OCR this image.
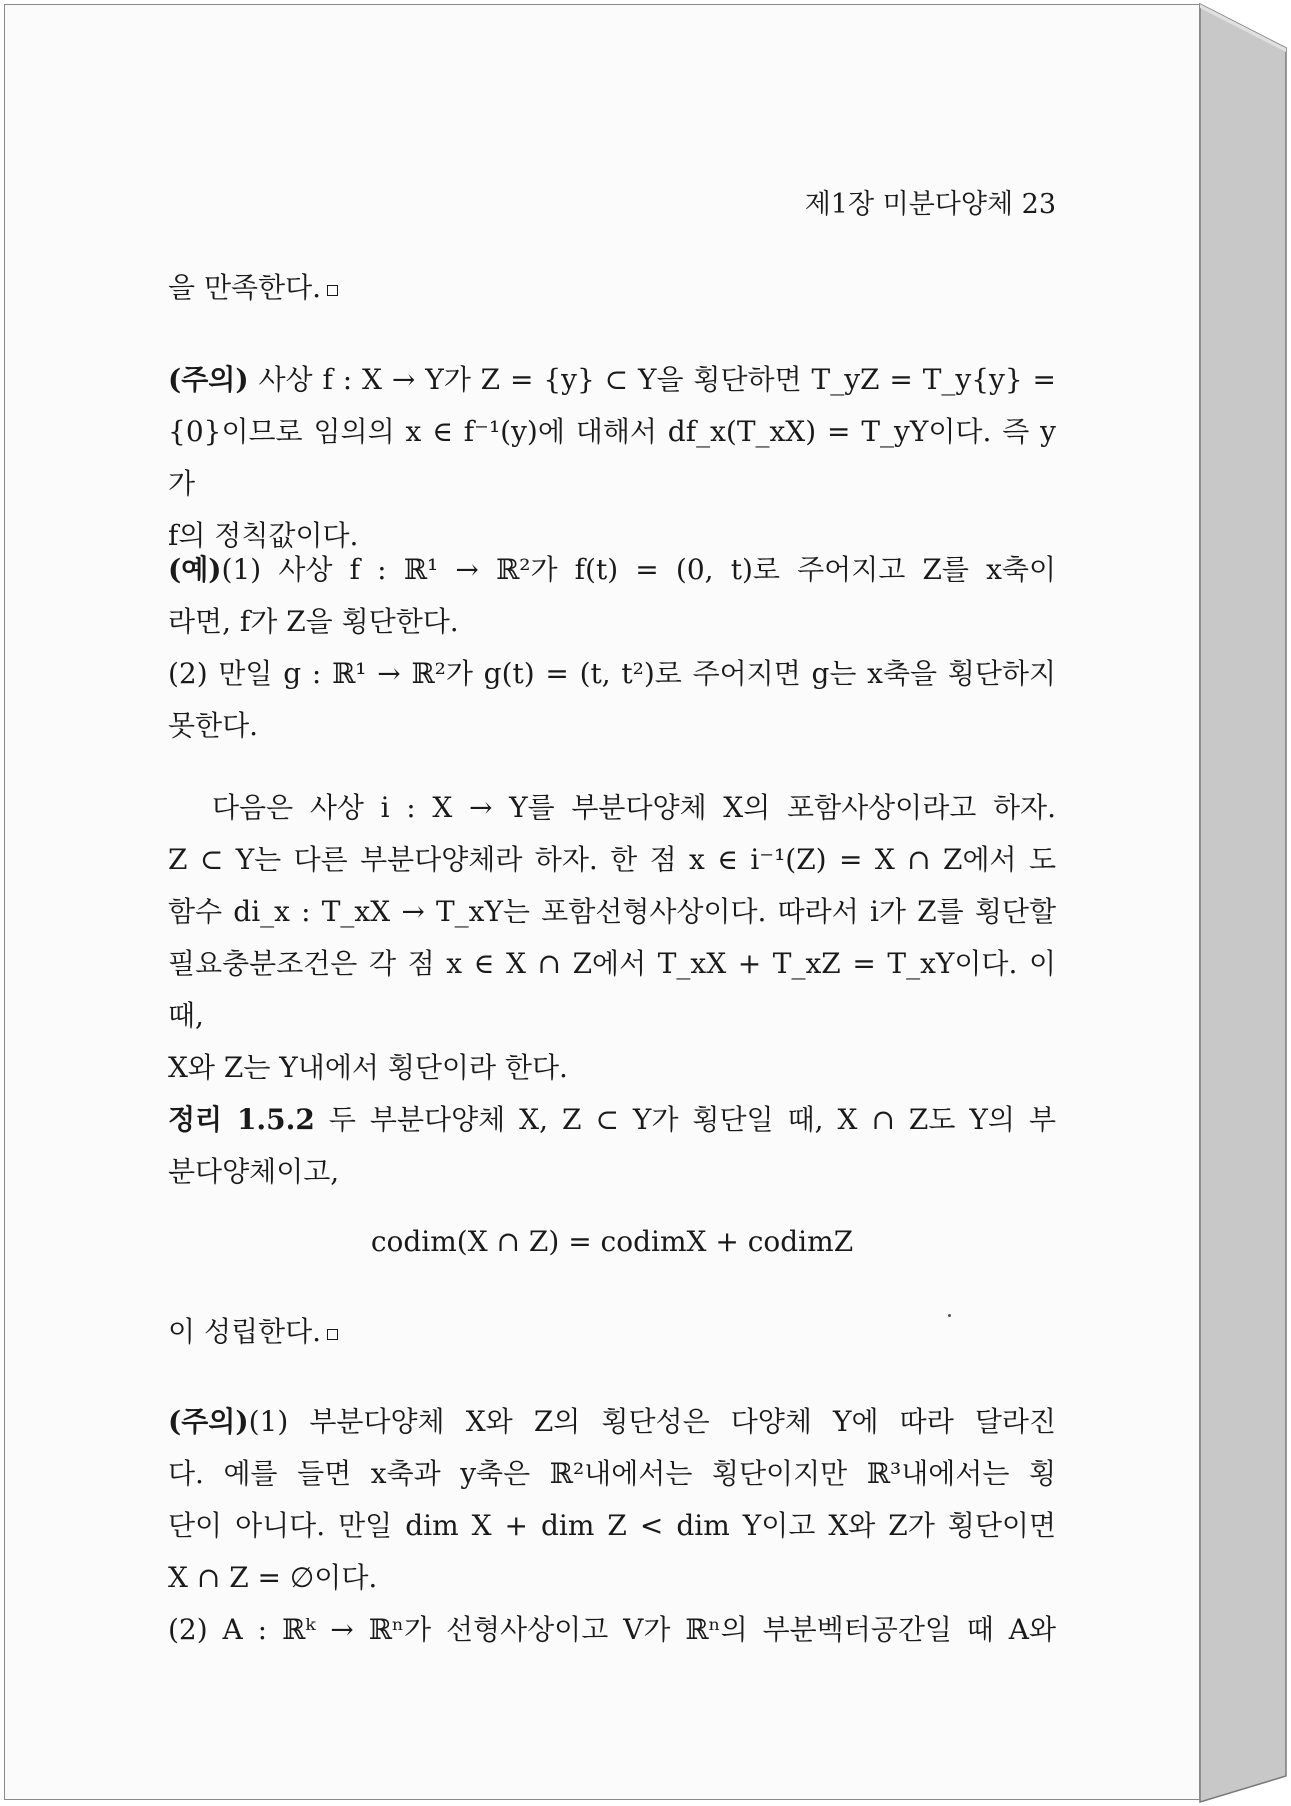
제1장 미분다양체 23
을 만족한다.
(주의) 사상 f : X → Y가 Z = {y} ⊂ Y을 횡단하면 T_yZ = T_y{y} =
{0}이므로 임의의 x ∈ f⁻¹(y)에 대해서 df_x(T_xX) = T_yY이다. 즉 y가
f의 정칙값이다.
(예)(1) 사상 f : ℝ¹ → ℝ²가 f(t) = (0, t)로 주어지고 Z를 x축이
라면, f가 Z을 횡단한다.
(2) 만일 g : ℝ¹ → ℝ²가 g(t) = (t, t²)로 주어지면 g는 x축을 횡단하지
못한다.
다음은 사상 i : X → Y를 부분다양체 X의 포함사상이라고 하자.
Z ⊂ Y는 다른 부분다양체라 하자. 한 점 x ∈ i⁻¹(Z) = X ∩ Z에서 도
함수 di_x : T_xX → T_xY는 포함선형사상이다. 따라서 i가 Z를 횡단할
필요충분조건은 각 점 x ∈ X ∩ Z에서 T_xX + T_xZ = T_xY이다. 이 때,
X와 Z는 Y내에서 횡단이라 한다.
정리 1.5.2 두 부분다양체 X, Z ⊂ Y가 횡단일 때, X ∩ Z도 Y의 부
분다양체이고,
codim(X ∩ Z) = codimX + codimZ
이 성립한다.
(주의)(1) 부분다양체 X와 Z의 횡단성은 다양체 Y에 따라 달라진
다. 예를 들면 x축과 y축은 ℝ²내에서는 횡단이지만 ℝ³내에서는 횡
단이 아니다. 만일 dim X + dim Z < dim Y이고 X와 Z가 횡단이면
X ∩ Z = ∅이다.
(2) A : ℝᵏ → ℝⁿ가 선형사상이고 V가 ℝⁿ의 부분벡터공간일 때 A와
